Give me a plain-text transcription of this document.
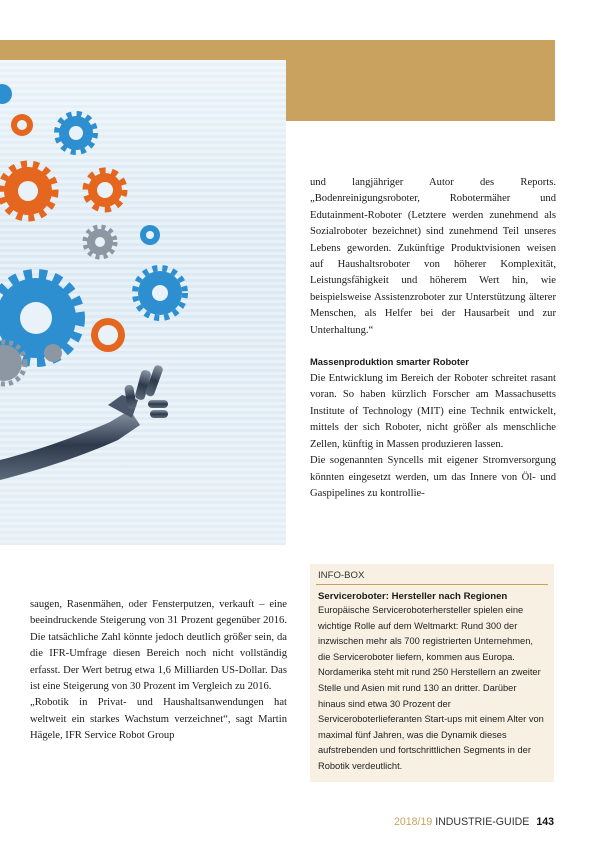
und langjähriger Autor des Reports. „Bodenreinigungsroboter, Robotermäher und Edutainment-Roboter (Letztere werden zunehmend als Sozialroboter bezeichnet) sind zunehmend Teil unseres Lebens geworden. Zukünftige Produktvisionen weisen auf Haushaltsroboter von höherer Komplexität, Leistungsfähigkeit und höherem Wert hin, wie beispielsweise Assistenzroboter zur Unterstützung älterer Menschen, als Helfer bei der Hausarbeit und zur Unterhaltung.“

Massenproduktion smarter Roboter

Die Entwicklung im Bereich der Roboter schreitet rasant voran. So haben kürzlich Forscher am Massachusetts Institute of Technology (MIT) eine Technik entwickelt, mittels der sich Roboter, nicht größer als menschliche Zellen, künftig in Massen produzieren lassen.

Die sogenannten Syncells mit eigener Stromversorgung könnten eingesetzt werden, um das Innere von Öl- und Gaspipelines zu kontrollie-

INFO-BOX
Serviceroboter: Hersteller nach Regionen
Europäische Serviceroboterhersteller spielen eine wichtige Rolle auf dem Weltmarkt: Rund 300 der inzwischen mehr als 700 registrierten Unternehmen, die Serviceroboter liefern, kommen aus Europa. Nordamerika steht mit rund 250 Herstellern an zweiter Stelle und Asien mit rund 130 an dritter. Darüber hinaus sind etwa 30 Prozent der Serviceroboterlieferanten Start-ups mit einem Alter von maximal fünf Jahren, was die Dynamik dieses aufstrebenden und fortschrittlichen Segments in der Robotik verdeutlicht.

saugen, Rasenmähen, oder Fensterputzen, verkauft – eine beeindruckende Steigerung von 31 Prozent gegenüber 2016. Die tatsächliche Zahl könnte jedoch deutlich größer sein, da die IFR-Umfrage diesen Bereich noch nicht vollständig erfasst. Der Wert betrug etwa 1,6 Milliarden US-Dollar. Das ist eine Steigerung von 30 Prozent im Vergleich zu 2016.

„Robotik in Privat- und Haushaltsanwendungen hat weltweit ein starkes Wachstum verzeichnet“, sagt Martin Hägele, IFR Service Robot Group

2018/19 INDUSTRIE-GUIDE 143
